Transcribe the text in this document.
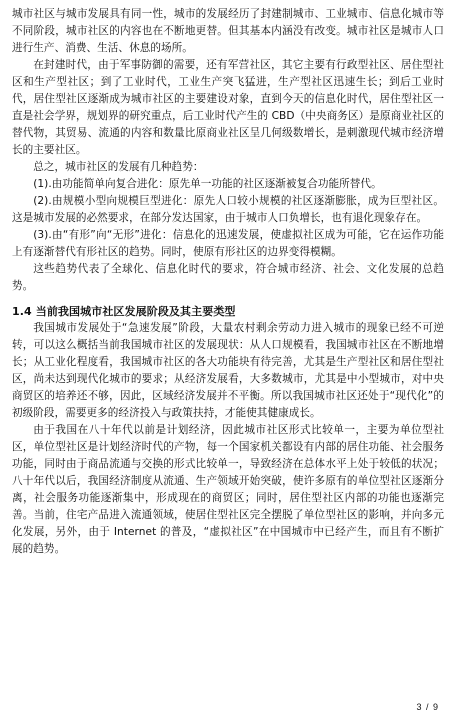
城市社区与城市发展具有同一性，城市的发展经历了封建制城市、工业城市、信息化城市等不同阶段，城市社区的内容也在不断地更替。但其基本内涵没有改变。城市社区是城市人口进行生产、消费、生活、休息的场所。

在封建时代，由于军事防御的需要，还有军营社区，其它主要有行政型社区、居住型社区和生产型社区；到了工业时代，工业生产突飞猛进，生产型社区迅速生长；到后工业时代，居住型社区逐渐成为城市社区的主要建设对象，直到今天的信息化时代，居住型社区一直是社会学界，规划界的研究重点，后工业时代产生的 CBD（中央商务区）是原商业社区的替代物，其贸易、流通的内容和数量比原商业社区呈几何级数增长，是刺激现代城市经济增长的主要社区。

总之，城市社区的发展有几种趋势：

(1).由功能简单向复合进化：原先单一功能的社区逐渐被复合功能所替代。

(2).由规模小型向规模巨型进化：原先人口较小规模的社区逐渐膨胀，成为巨型社区。这是城市发展的必然要求，在部分发达国家，由于城市人口负增长，也有退化现象存在。

(3).由“有形”向“无形”进化：信息化的迅速发展，使虚拟社区成为可能，它在运作功能上有逐渐替代有形社区的趋势。同时，使原有形社区的边界变得模糊。

这些趋势代表了全球化、信息化时代的要求，符合城市经济、社会、文化发展的总趋势。

1.4 当前我国城市社区发展阶段及其主要类型

我国城市发展处于“急速发展”阶段，大量农村剩余劳动力进入城市的现象已经不可逆转，可以这么概括当前我国城市社区的发展现状：从人口规模看，我国城市社区在不断地增长；从工业化程度看，我国城市社区的各大功能块有待完善，尤其是生产型社区和居住型社区，尚未达到现代化城市的要求；从经济发展看，大多数城市，尤其是中小型城市，对中央商贸区的培养还不够，因此，区域经济发展并不平衡。所以我国城市社区还处于“现代化”的初级阶段，需要更多的经济投入与政策扶持，才能使其健康成长。

由于我国在八十年代以前是计划经济，因此城市社区形式比较单一，主要为单位型社区，单位型社区是计划经济时代的产物，每一个国家机关都设有内部的居住功能、社会服务功能，同时由于商品流通与交换的形式比较单一，导致经济在总体水平上处于较低的状况；八十年代以后，我国经济制度从流通、生产领域开始突破，使许多原有的单位型社区逐渐分离，社会服务功能逐渐集中，形成现在的商贸区；同时，居住型社区内部的功能也逐渐完善。当前，住宅产品进入流通领域，使居住型社区完全摆脱了单位型社区的影响，并向多元化发展，另外，由于 Internet 的普及，“虚拟社区”在中国城市中已经产生，而且有不断扩展的趋势。

3 / 9
